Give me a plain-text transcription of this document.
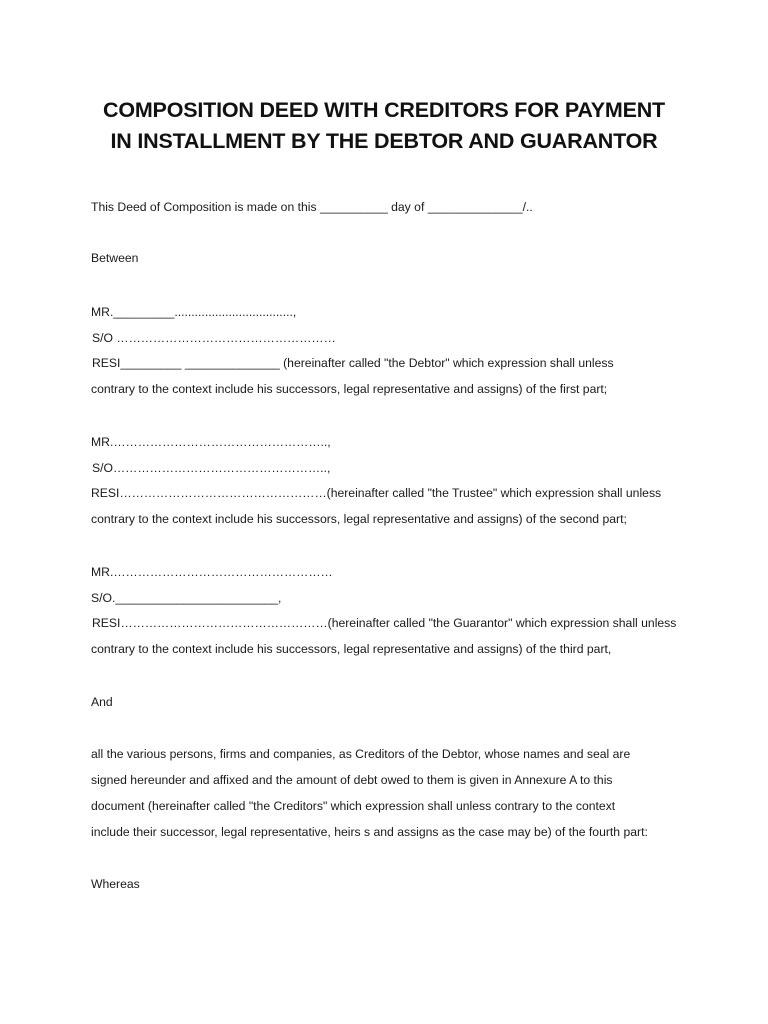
COMPOSITION DEED WITH CREDITORS FOR PAYMENT
IN INSTALLMENT BY THE DEBTOR AND GUARANTOR
This Deed of Composition is made on this __________ day of ______________/..
Between
MR._________...................................,
S/O ………………………………………………
RESI_________ ______________ (hereinafter called "the Debtor" which expression shall unless
contrary to the context include his successors, legal representative and assigns) of the first part;
MR.……………………………………………..,
S/O……………………………………………..,
RESI……………………………………………(hereinafter called "the Trustee" which expression shall unless
contrary to the context include his successors, legal representative and assigns) of the second part;
MR.………………………………………………
S/O.________________________,
RESI……………………………………………(hereinafter called "the Guarantor" which expression shall unless
contrary to the context include his successors, legal representative and assigns) of the third part,
And
all the various persons, firms and companies, as Creditors of the Debtor, whose names and seal are
signed hereunder and affixed and the amount of debt owed to them is given in Annexure A to this
document (hereinafter called "the Creditors" which expression shall unless contrary to the context
include their successor, legal representative, heirs s and assigns as the case may be) of the fourth part:
Whereas
